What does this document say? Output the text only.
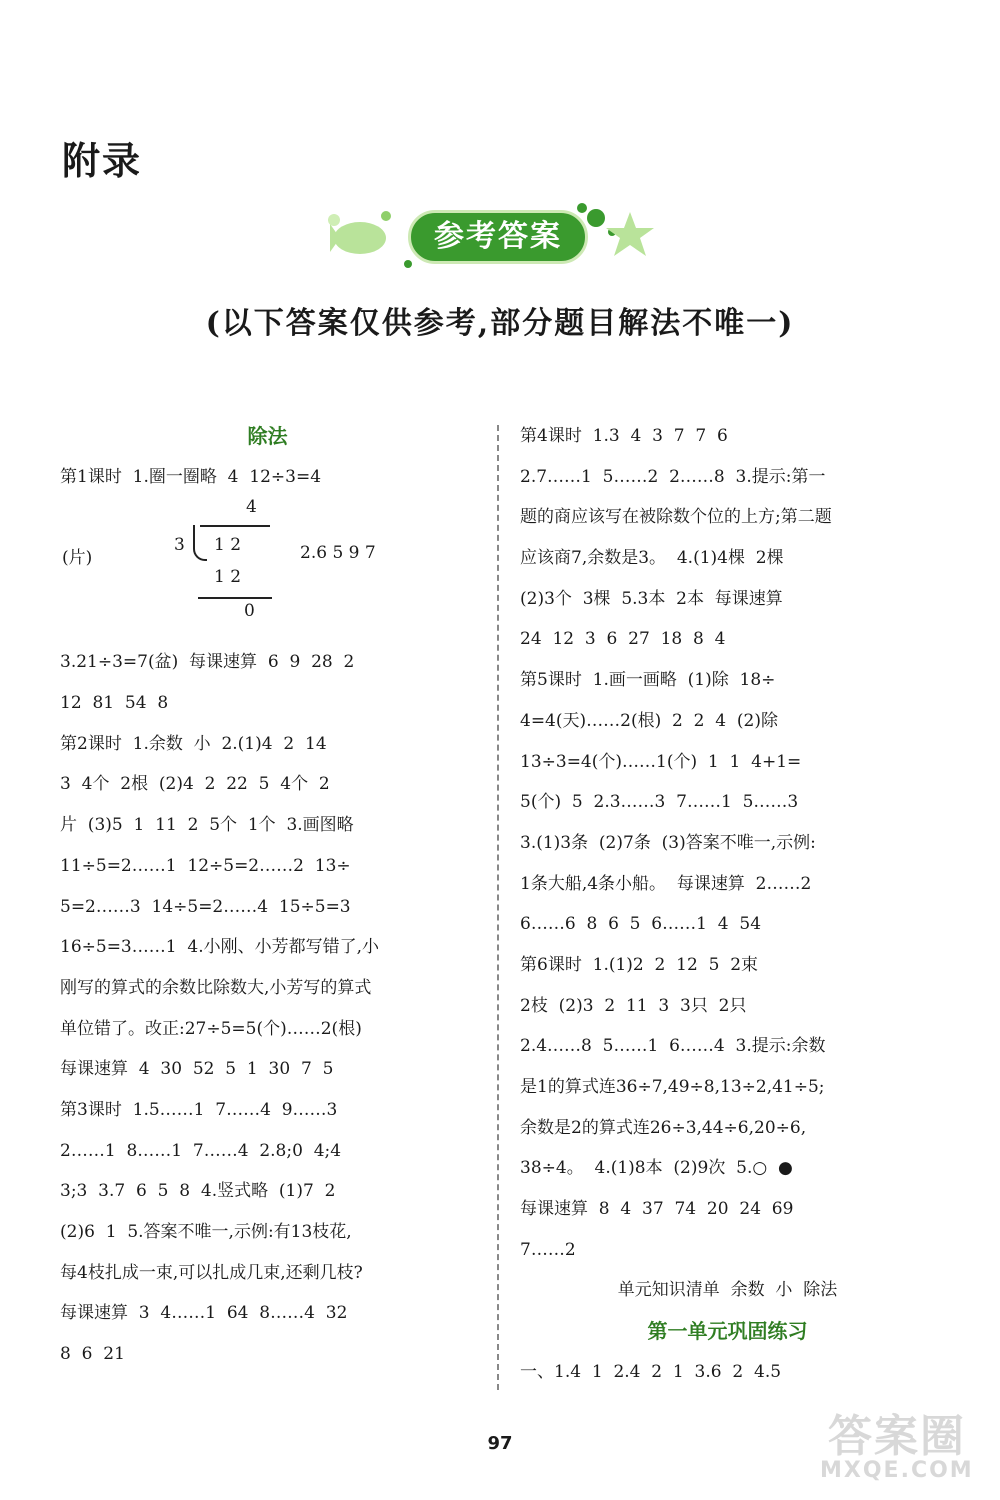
附录
参考答案
(以下答案仅供参考,部分题目解法不唯一)
除法
第1课时  1.圈一圈略  4  12÷3=4
(片)
4
3 1 2
1 2
0
2.6 5 9 7
3.21÷3=7(盆)  每课速算  6  9  28  2
12  81  54  8
第2课时  1.余数  小  2.(1)4  2  14
3  4个  2根  (2)4  2  22  5  4个  2
片  (3)5  1  11  2  5个  1个  3.画图略
11÷5=2……1  12÷5=2……2  13÷
5=2……3  14÷5=2……4  15÷5=3
16÷5=3……1  4.小刚、小芳都写错了,小
刚写的算式的余数比除数大,小芳写的算式
单位错了。改正:27÷5=5(个)……2(根)
每课速算  4  30  52  5  1  30  7  5
第3课时  1.5……1  7……4  9……3
2……1  8……1  7……4  2.8;0  4;4
3;3  3.7  6  5  8  4.竖式略  (1)7  2
(2)6  1  5.答案不唯一,示例:有13枝花,
每4枝扎成一束,可以扎成几束,还剩几枝?
每课速算  3  4……1  64  8……4  32
8  6  21
第4课时  1.3  4  3  7  7  6
2.7……1  5……2  2……8  3.提示:第一
题的商应该写在被除数个位的上方;第二题
应该商7,余数是3。  4.(1)4棵  2棵
(2)3个  3棵  5.3本  2本  每课速算
24  12  3  6  27  18  8  4
第5课时  1.画一画略  (1)除  18÷
4=4(天)……2(根)  2  2  4  (2)除
13÷3=4(个)……1(个)  1  1  4+1=
5(个)  5  2.3……3  7……1  5……3
3.(1)3条  (2)7条  (3)答案不唯一,示例:
1条大船,4条小船。  每课速算  2……2
6……6  8  6  5  6……1  4  54
第6课时  1.(1)2  2  12  5  2束
2枝  (2)3  2  11  3  3只  2只
2.4……8  5……1  6……4  3.提示:余数
是1的算式连36÷7,49÷8,13÷2,41÷5;
余数是2的算式连26÷3,44÷6,20÷6,
38÷4。  4.(1)8本  (2)9次  5.○  ●
每课速算  8  4  37  74  20  24  69
7……2
单元知识清单  余数  小  除法
第一单元巩固练习
一、1.4  1  2.4  2  1  3.6  2  4.5
97	答案圈
MXQE.COM
